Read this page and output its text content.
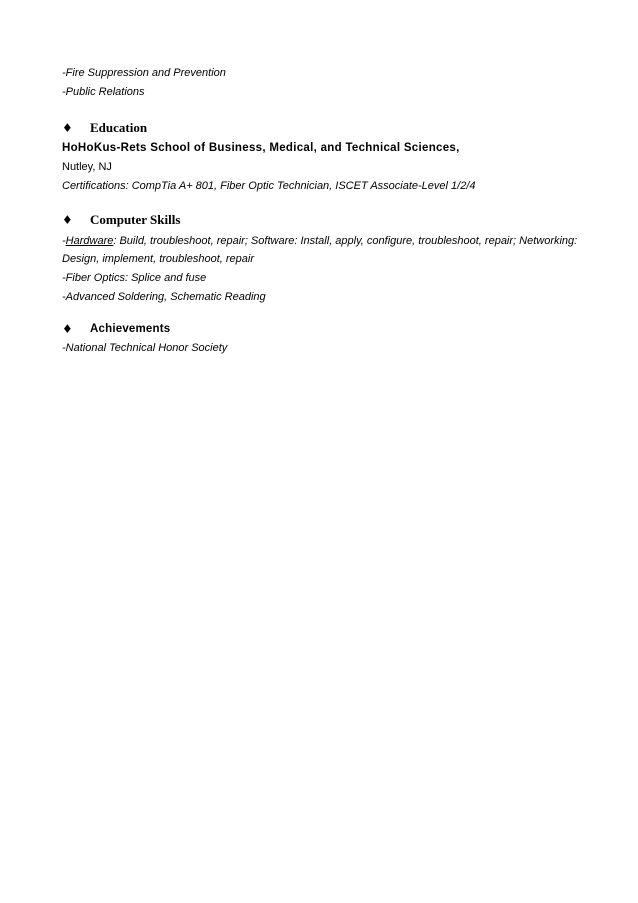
-Fire Suppression and Prevention
-Public Relations
♦	Education
HoHoKus-Rets School of Business, Medical, and Technical Sciences,
Nutley, NJ
Certifications: CompTia A+ 801, Fiber Optic Technician, ISCET Associate-Level 1/2/4
♦	Computer Skills
-Hardware: Build, troubleshoot, repair; Software: Install, apply, configure, troubleshoot, repair; Networking:
Design, implement, troubleshoot, repair
-Fiber Optics: Splice and fuse
-Advanced Soldering, Schematic Reading
♦	Achievements
-National Technical Honor Society
